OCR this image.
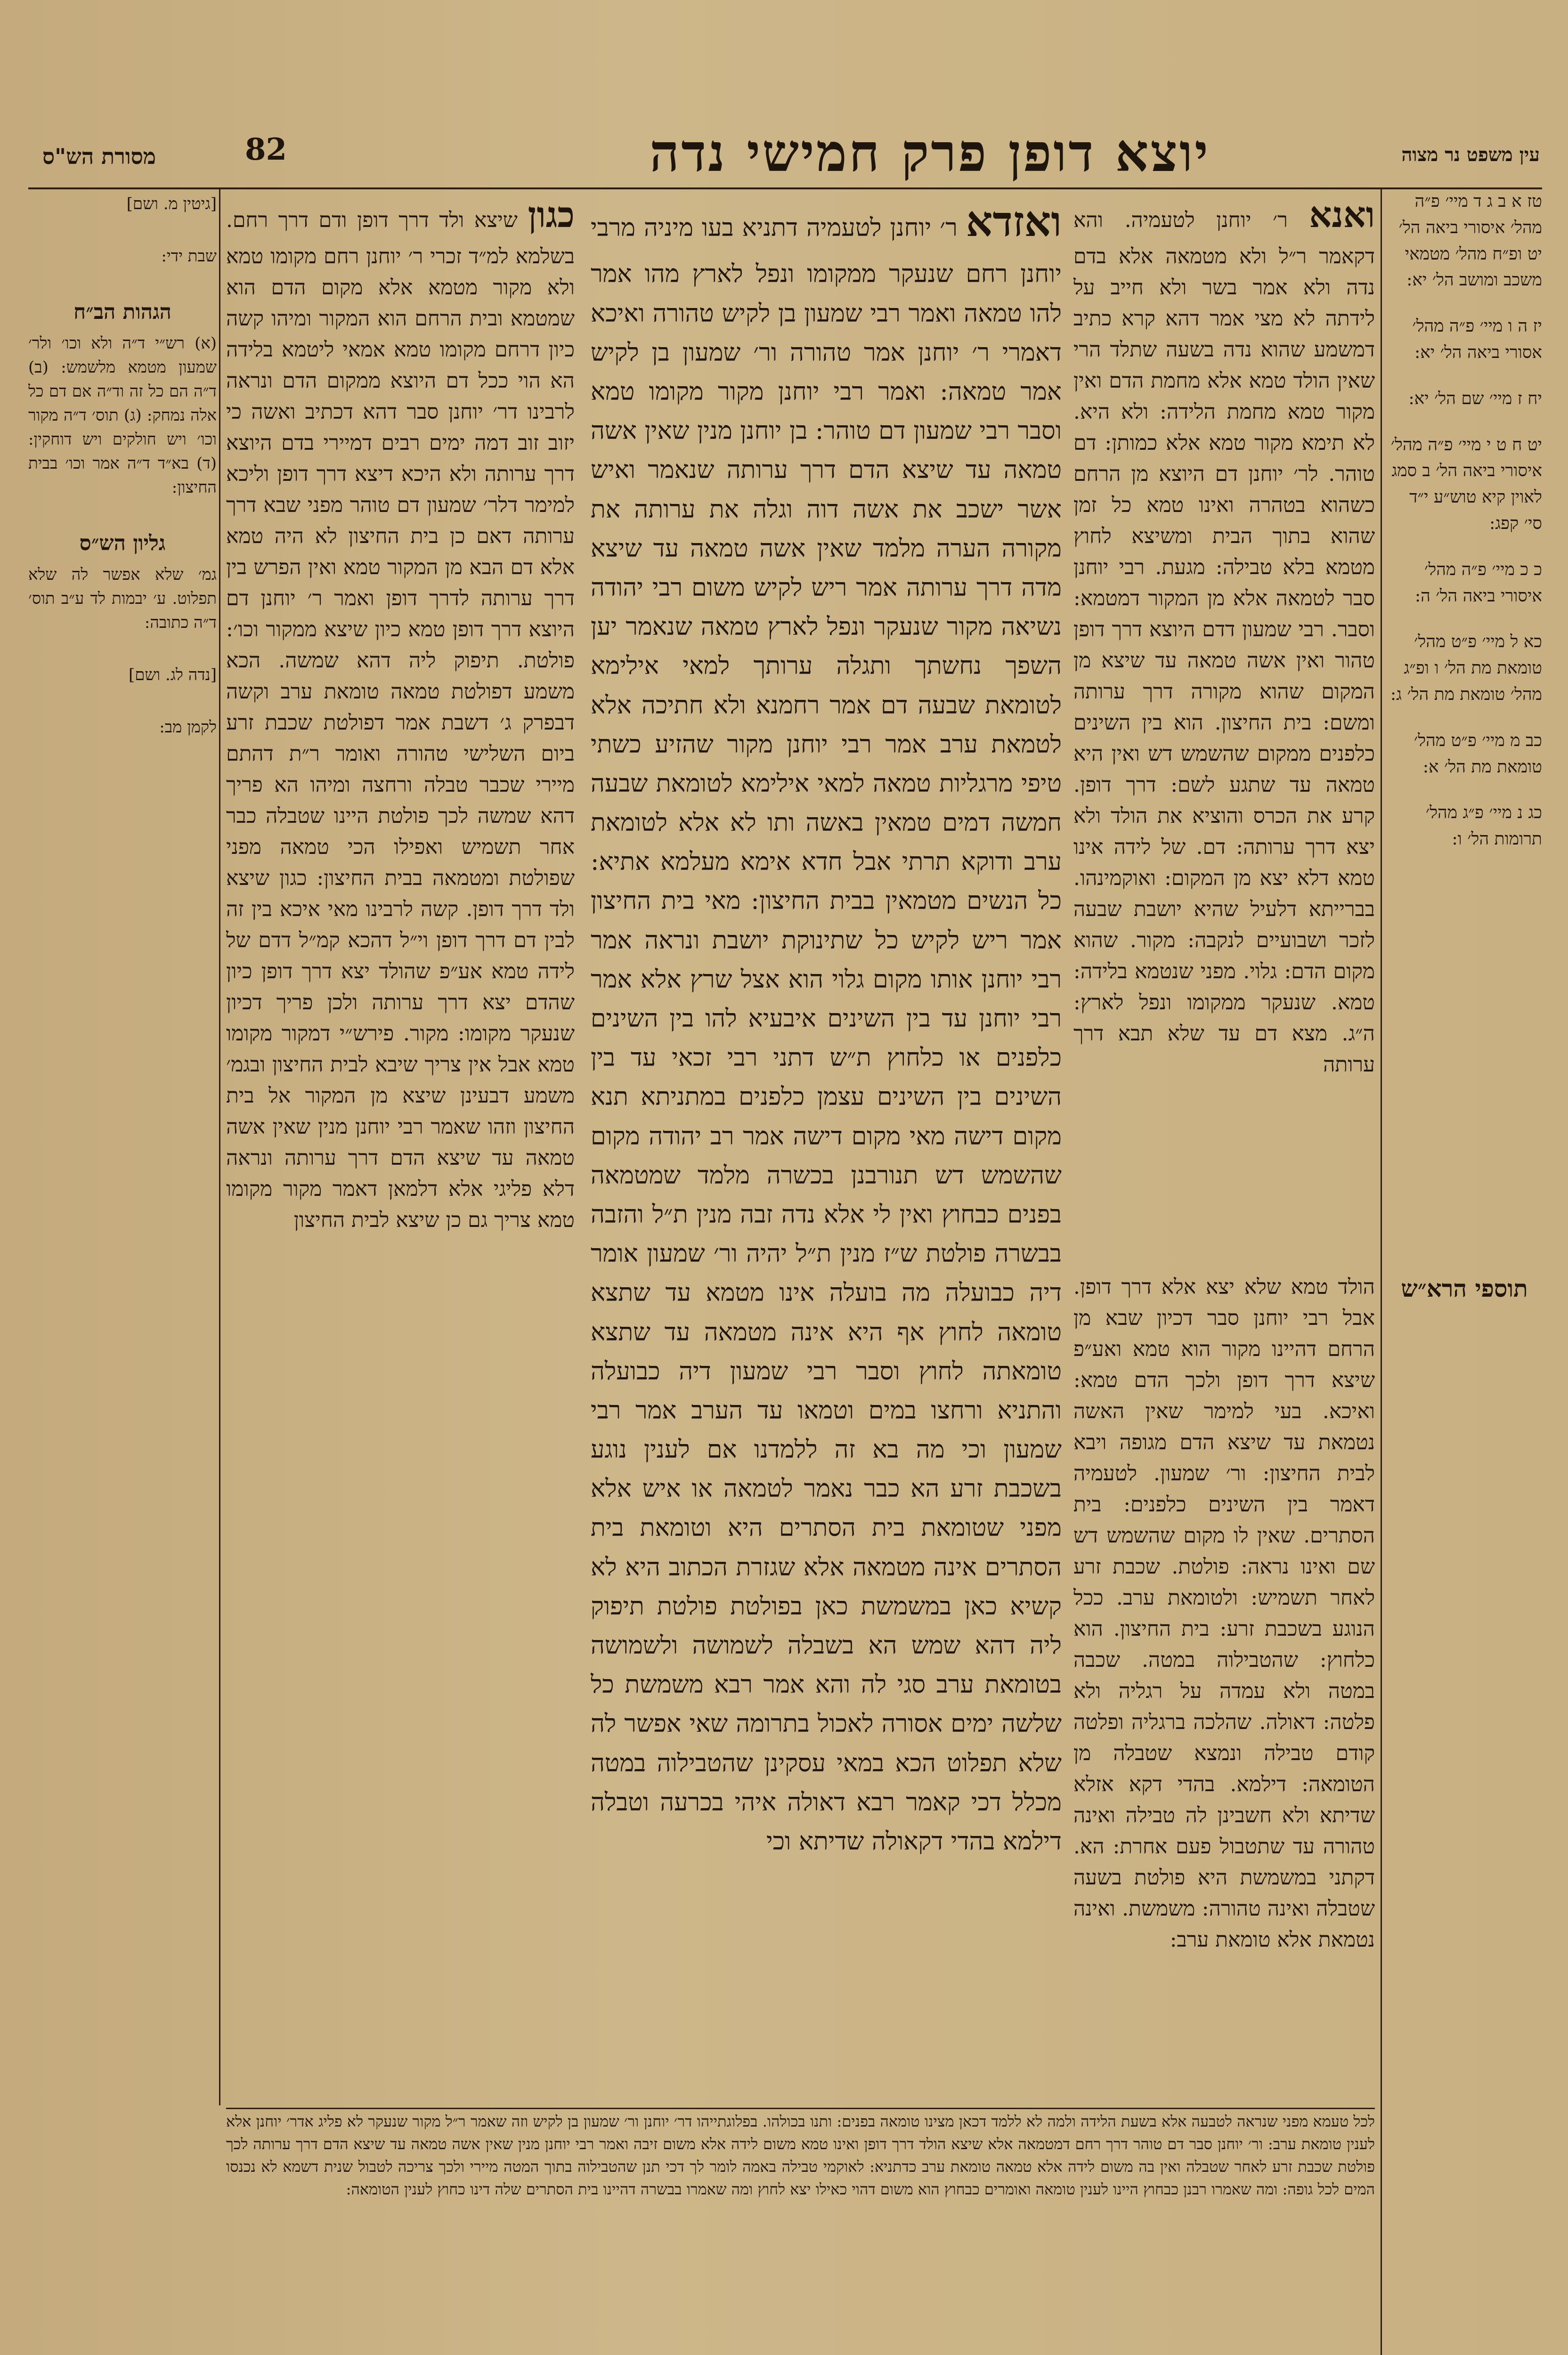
עין משפט נר מצוה
82	יוצא דופן פרק חמישי נדה
מסורת הש"ס
טז א ב ג ד מיי׳ פ״ה מהל׳ איסורי ביאה הל׳ יט ופ״ח מהל׳ מטמאי משכב ומושב הל׳ יא:
יז ה ו מיי׳ פ״ה מהל׳ אסורי ביאה הל׳ יא:
יח ז מיי׳ שם הל׳ יא:
יט ח ט י מיי׳ פ״ה מהל׳ איסורי ביאה הל׳ ב סמג לאוין קיא טוש״ע י״ד סי׳ קפג:
כ כ מיי׳ פ״ה מהל׳ איסורי ביאה הל׳ ה:
כא ל מיי׳ פ״ט מהל׳ טומאת מת הל׳ ו ופ״ג מהל׳ טומאת מת הל׳ ג:
כב מ מיי׳ פ״ט מהל׳ טומאת מת הל׳ א:
כג נ מיי׳ פ״ג מהל׳ תרומות הל׳ ו:

ואנא ר׳ יוחנן לטעמיה. והא דקאמר ר״ל ולא מטמאה אלא בדם נדה ולא אמר בשר ולא חייב על לידתה לא מצי אמר דהא קרא כתיב דמשמע שהוא נדה בשעה שתלד הרי שאין הולד טמא אלא מחמת הדם ואין מקור טמא מחמת הלידה: ולא היא. לא תימא מקור טמא אלא כמותן: דם טוהר. לר׳ יוחנן דם היוצא מן הרחם כשהוא בטהרה ואינו טמא כל זמן שהוא בתוך הבית ומשיצא לחוץ מטמא בלא טבילה: מגעת. רבי יוחנן סבר לטמאה אלא מן המקור דמטמא: וסבר. רבי שמעון דדם היוצא דרך דופן טהור ואין אשה טמאה עד שיצא מן המקום שהוא מקורה דרך ערותה ומשם: בית החיצון. הוא בין השינים כלפנים ממקום שהשמש דש ואין היא טמאה עד שתגע לשם: דרך דופן. קרע את הכרס והוציא את הולד ולא יצא דרך ערותה: דם. של לידה אינו טמא דלא יצא מן המקום: ואוקמינהו. בברייתא דלעיל שהיא יושבת שבעה לזכר ושבועיים לנקבה: מקור. שהוא מקום הדם: גלוי. מפני שנטמא בלידה: טמא. שנעקר ממקומו ונפל לארץ: ה״ג. מצא דם עד שלא תבא דרך ערותה

ואזדא ר׳ יוחנן לטעמיה דתניא בעו מיניה מרבי יוחנן רחם שנעקר ממקומו ונפל לארץ מהו אמר להו טמאה ואמר רבי שמעון בן לקיש טהורה ואיכא דאמרי ר׳ יוחנן אמר טהורה ור׳ שמעון בן לקיש אמר טמאה: ואמר רבי יוחנן מקור מקומו טמא וסבר רבי שמעון דם טוהר: בן יוחנן מנין שאין אשה טמאה עד שיצא הדם דרך ערותה שנאמר ואיש אשר ישכב את אשה דוה וגלה את ערותה את מקורה הערה מלמד שאין אשה טמאה עד שיצא מדה דרך ערותה אמר ריש לקיש משום רבי יהודה נשיאה מקור שנעקר ונפל לארץ טמאה שנאמר יען השפך נחשתך ותגלה ערותך למאי אילימא לטומאת שבעה דם אמר רחמנא ולא חתיכה אלא לטמאת ערב אמר רבי יוחנן מקור שהזיע כשתי טיפי מרגליות טמאה למאי אילימא לטומאת שבעה חמשה דמים טמאין באשה ותו לא אלא לטומאת ערב ודוקא תרתי אבל חדא אימא מעלמא אתיא: כל הנשים מטמאין בבית החיצון: מאי בית החיצון אמר ריש לקיש כל שתינוקת יושבת ונראה אמר רבי יוחנן אותו מקום גלוי הוא אצל שרץ אלא אמר רבי יוחנן עד בין השינים איבעיא להו בין השינים כלפנים או כלחוץ ת״ש דתני רבי זכאי עד בין השינים בין השינים עצמן כלפנים במתניתא תנא מקום דישה מאי מקום דישה אמר רב יהודה מקום שהשמש דש תנורבנן בכשרה מלמד שמטמאה בפנים כבחוץ ואין לי אלא נדה זבה מנין ת״ל והזבה בבשרה פולטת ש״ז מנין ת״ל יהיה ור׳ שמעון אומר דיה כבועלה מה בועלה אינו מטמא עד שתצא טומאה לחוץ אף היא אינה מטמאה עד שתצא טומאתה לחוץ וסבר רבי שמעון דיה כבועלה והתניא ורחצו במים וטמאו עד הערב אמר רבי שמעון וכי מה בא זה ללמדנו אם לענין נוגע בשכבת זרע הא כבר נאמר לטמאה או איש אלא מפני שטומאת בית הסתרים היא וטומאת בית הסתרים אינה מטמאה אלא שגזרת הכתוב היא לא קשיא כאן במשמשת כאן בפולטת פולטת תיפוק ליה דהא שמש הא בשבלה לשמושה ולשמושה בטומאת ערב סגי לה והא אמר רבא משמשת כל שלשה ימים אסורה לאכול בתרומה שאי אפשר לה שלא תפלוט הכא במאי עסקינן שהטבילוה במטה מכלל דכי קאמר רבא דאולה איהי בכרעה וטבלה דילמא בהדי דקאולה שדיתא וכי

כגון שיצא ולד דרך דופן ודם דרך רחם. בשלמא למ״ד זכרי ר׳ יוחנן רחם מקומו טמא ולא מקור מטמא אלא מקום הדם הוא שמטמא ובית הרחם הוא המקור ומיהו קשה כיון דרחם מקומו טמא אמאי ליטמא בלידה הא הוי ככל דם היוצא ממקום הדם ונראה לרבינו דר׳ יוחנן סבר דהא דכתיב ואשה כי יזוב זוב דמה ימים רבים דמיירי בדם היוצא דרך ערותה ולא היכא דיצא דרך דופן וליכא למימר דלר׳ שמעון דם טוהר מפני שבא דרך ערותה דאם כן בית החיצון לא היה טמא אלא דם הבא מן המקור טמא ואין הפרש בין דרך ערותה לדרך דופן ואמר ר׳ יוחנן דם היוצא דרך דופן טמא כיון שיצא ממקור וכו׳: פולטת. תיפוק ליה דהא שמשה. הכא משמע דפולטת טמאה טומאת ערב וקשה דבפרק ג׳ דשבת אמר דפולטת שכבת זרע ביום השלישי טהורה ואומר ר״ת דהתם מיירי שכבר טבלה ורחצה ומיהו הא פריך דהא שמשה לכך פולטת היינו שטבלה כבר אחר תשמיש ואפילו הכי טמאה מפני שפולטת ומטמאה בבית החיצון: כגון שיצא ולד דרך דופן. קשה לרבינו מאי איכא בין זה לבין דם דרך דופן וי״ל דהכא קמ״ל דדם של לידה טמא אע״פ שהולד יצא דרך דופן כיון שהדם יצא דרך ערותה ולכן פריך דכיון שנעקר מקומו: מקור. פירש״י דמקור מקומו טמא אבל אין צריך שיבא לבית החיצון ובגמ׳ משמע דבעינן שיצא מן המקור אל בית החיצון וזהו שאמר רבי יוחנן מנין שאין אשה טמאה עד שיצא הדם דרך ערותה ונראה דלא פליגי אלא דלמאן דאמר מקור מקומו טמא צריך גם כן שיצא לבית החיצון

תוספי הרא״ש

הולד טמא שלא יצא אלא דרך דופן. אבל רבי יוחנן סבר דכיון שבא מן הרחם דהיינו מקור הוא טמא ואע״פ שיצא דרך דופן ולכך הדם טמא: ואיכא. בעי למימר שאין האשה נטמאת עד שיצא הדם מגופה ויבא לבית החיצון: ור׳ שמעון. לטעמיה דאמר בין השינים כלפנים: בית הסתרים. שאין לו מקום שהשמש דש שם ואינו נראה: פולטת. שכבת זרע לאחר תשמיש: ולטומאת ערב. ככל הנוגע בשכבת זרע: בית החיצון. הוא כלחוץ: שהטבילוה במטה. שכבה במטה ולא עמדה על רגליה ולא פלטה: דאולה. שהלכה ברגליה ופלטה קודם טבילה ונמצא שטבלה מן הטומאה: דילמא. בהדי דקא אזלא שדיתא ולא חשבינן לה טבילה ואינה טהורה עד שתטבול פעם אחרת: הא. דקתני במשמשת היא פולטת בשעה שטבלה ואינה טהורה: משמשת. ואינה נטמאת אלא טומאת ערב:

[גיטין מ. ושם]
שבת ידי:
הגהות הב״ח
(א) רש״י ד״ה ולא וכו׳ ולר׳ שמעון מטמא מלשמש: (ב) ד״ה הם כל זה וד״ה אם דם כל אלה נמחק: (ג) תוס׳ ד״ה מקור וכו׳ ויש חולקים ויש דוחקין: (ד) בא״ד ד״ה אמר וכו׳ בבית החיצון:
גליון הש״ס
גמ׳ שלא אפשר לה שלא תפלוט. ע׳ יבמות לד ע״ב תוס׳ ד״ה כתובה:
[נדה לג. ושם]
לקמן מב:

לכל טעמא מפני שנראה לטבעה אלא בשעת הלידה ולמה לא ללמד דכאן מצינו טומאה בפנים: ותנו בכולהו. בפלוגתייהו דר׳ יוחנן ור׳ שמעון בן לקיש וזה שאמר ר״ל מקור שנעקר לא פליג אדר׳ יוחנן אלא לענין טומאת ערב: ור׳ יוחנן סבר דם טוהר דרך רחם דמטמאה אלא שיצא הולד דרך דופן ואינו טמא משום לידה אלא משום זיבה ואמר רבי יוחנן מנין שאין אשה טמאה עד שיצא הדם דרך ערותה לכך פולטת שכבת זרע לאחר שטבלה ואין בה משום לידה אלא טמאה טומאת ערב כדתניא: לאוקמי טבילה באמה לומר לך דכי תנן שהטבילוה בתוך המטה מיירי ולכך צריכה לטבול שנית דשמא לא נכנסו המים לכל גופה: ומה שאמרו רבנן כבחוץ היינו לענין טומאה ואומרים כבחוץ הוא משום דהוי כאילו יצא לחוץ ומה שאמרו בבשרה דהיינו בית הסתרים שלה דינו כחוץ לענין הטומאה:
